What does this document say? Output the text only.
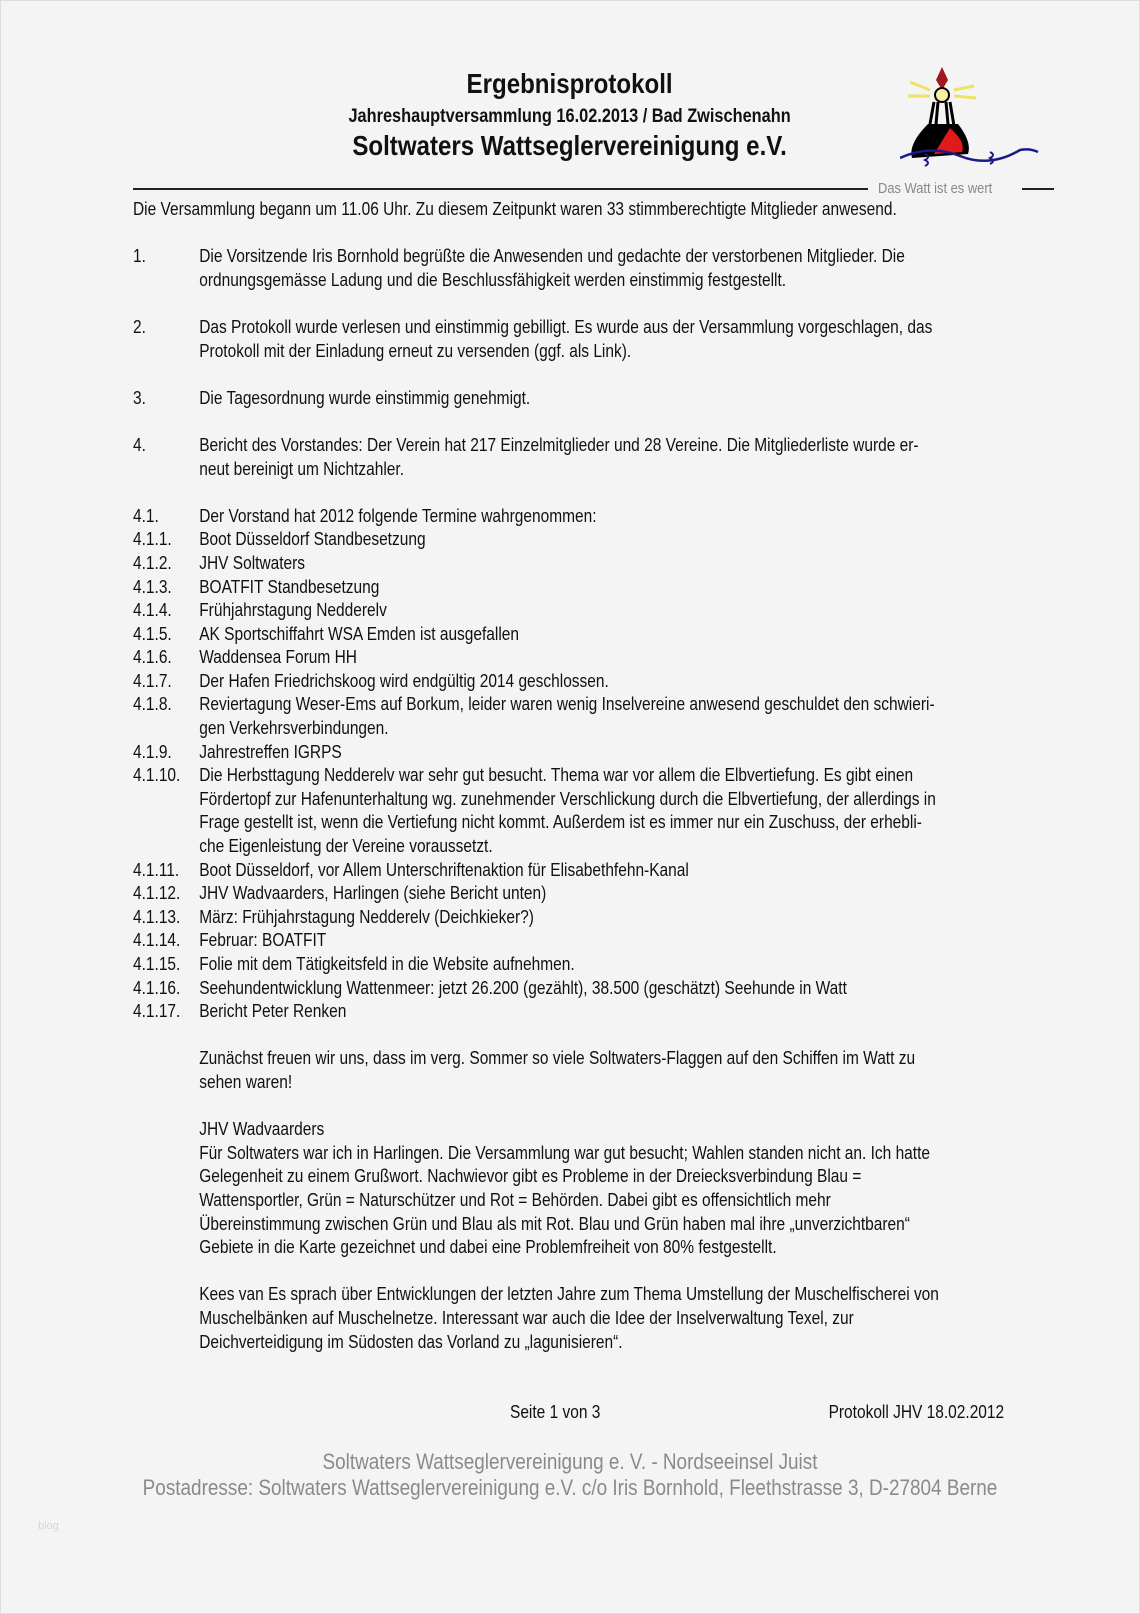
Ergebnisprotokoll
Jahreshauptversammlung 16.02.2013 / Bad Zwischenahn
Soltwaters Wattseglervereinigung e.V.
Das Watt ist es wert
Die Versammlung begann um 11.06 Uhr. Zu diesem Zeitpunkt waren 33 stimmberechtigte Mitglieder anwesend.
1.	Die Vorsitzende Iris Bornhold begrüßte die Anwesenden und gedachte der verstorbenen Mitglieder. Die
ordnungsgemässe Ladung und die Beschlussfähigkeit werden einstimmig festgestellt.
2.	Das Protokoll wurde verlesen und einstimmig gebilligt. Es wurde aus der Versammlung vorgeschlagen, das
Protokoll mit der Einladung erneut zu versenden (ggf. als Link).
3.	Die Tagesordnung wurde einstimmig genehmigt.
4.	Bericht des Vorstandes: Der Verein hat 217 Einzelmitglieder und 28 Vereine. Die Mitgliederliste wurde er-
neut bereinigt um Nichtzahler.
4.1.	Der Vorstand hat 2012 folgende Termine wahrgenommen:
4.1.1.	Boot Düsseldorf Standbesetzung
4.1.2.	JHV Soltwaters
4.1.3.	BOATFIT Standbesetzung
4.1.4.	Frühjahrstagung Nedderelv
4.1.5.	AK Sportschiffahrt WSA Emden ist ausgefallen
4.1.6.	Waddensea Forum HH
4.1.7.	Der Hafen Friedrichskoog wird endgültig 2014 geschlossen.
4.1.8.	Reviertagung Weser-Ems auf Borkum, leider waren wenig Inselvereine anwesend geschuldet den schwieri-
gen Verkehrsverbindungen.
4.1.9.	Jahrestreffen IGRPS
4.1.10.	Die Herbsttagung Nedderelv war sehr gut besucht. Thema war vor allem die Elbvertiefung. Es gibt einen
Fördertopf zur Hafenunterhaltung wg. zunehmender Verschlickung durch die Elbvertiefung, der allerdings in
Frage gestellt ist, wenn die Vertiefung nicht kommt. Außerdem ist es immer nur ein Zuschuss, der erhebli-
che Eigenleistung der Vereine voraussetzt.
4.1.11.	Boot Düsseldorf, vor Allem Unterschriftenaktion für Elisabethfehn-Kanal
4.1.12.	JHV Wadvaarders, Harlingen (siehe Bericht unten)
4.1.13.	März: Frühjahrstagung Nedderelv (Deichkieker?)
4.1.14.	Februar: BOATFIT
4.1.15.	Folie mit dem Tätigkeitsfeld in die Website aufnehmen.
4.1.16.	Seehundentwicklung Wattenmeer: jetzt 26.200 (gezählt), 38.500 (geschätzt) Seehunde in Watt
4.1.17.	Bericht Peter Renken
Zunächst freuen wir uns, dass im verg. Sommer so viele Soltwaters-Flaggen auf den Schiffen im Watt zu
sehen waren!
JHV Wadvaarders
Für Soltwaters war ich in Harlingen. Die Versammlung war gut besucht; Wahlen standen nicht an. Ich hatte
Gelegenheit zu einem Grußwort. Nachwievor gibt es Probleme in der Dreiecksverbindung Blau =
Wattensportler, Grün = Naturschützer und Rot = Behörden. Dabei gibt es offensichtlich mehr
Übereinstimmung zwischen Grün und Blau als mit Rot. Blau und Grün haben mal ihre „unverzichtbaren“
Gebiete in die Karte gezeichnet und dabei eine Problemfreiheit von 80% festgestellt.
Kees van Es sprach über Entwicklungen der letzten Jahre zum Thema Umstellung der Muschelfischerei von
Muschelbänken auf Muschelnetze. Interessant war auch die Idee der Inselverwaltung Texel, zur
Deichverteidigung im Südosten das Vorland zu „lagunisieren“.
Seite 1 von 3	Protokoll JHV 18.02.2012
Soltwaters Wattseglervereinigung e. V. - Nordseeinsel Juist
Postadresse: Soltwaters Wattseglervereinigung e.V. c/o Iris Bornhold, Fleethstrasse 3, D-27804 Berne
blog
